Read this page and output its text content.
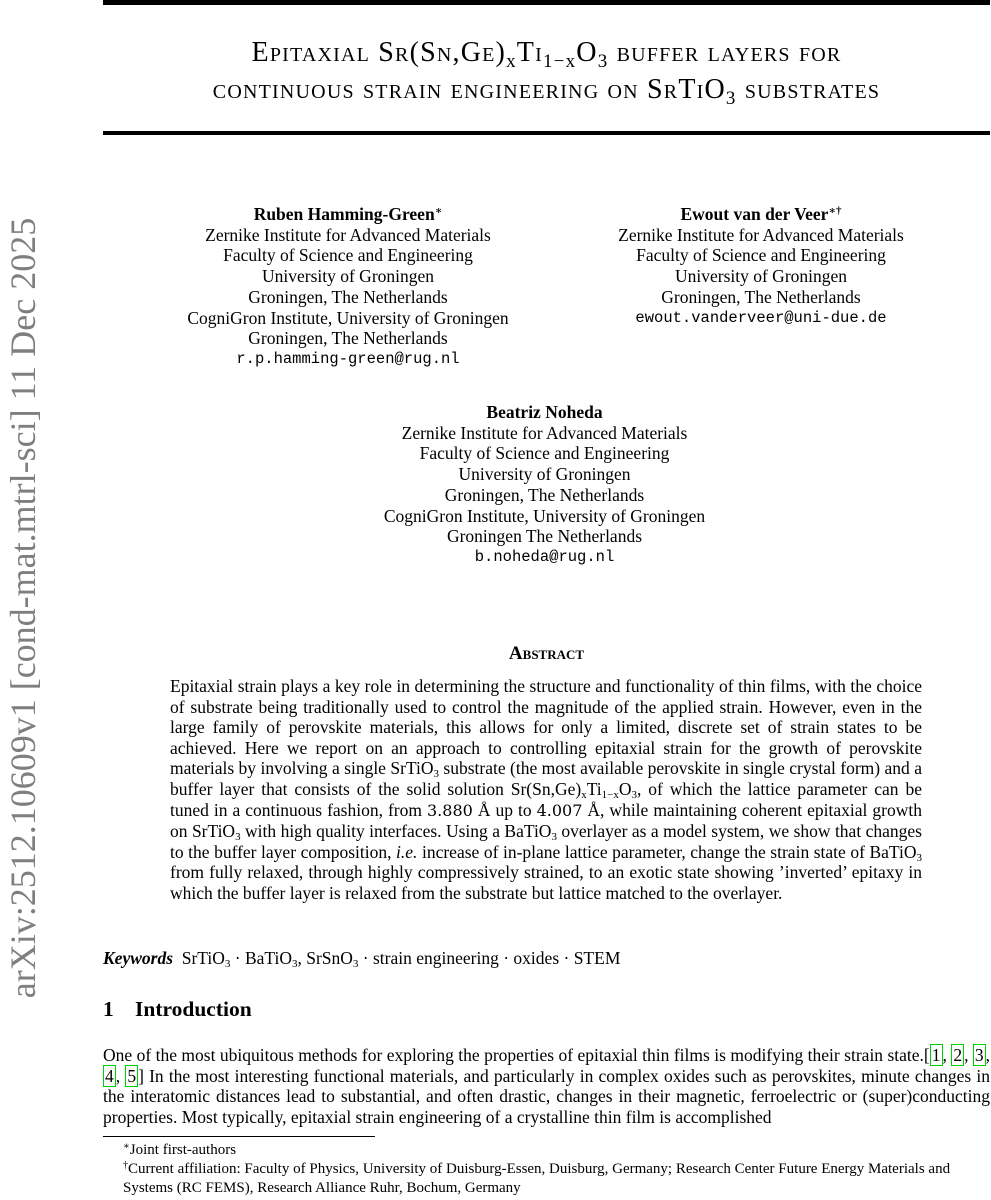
arXiv:2512.10609v1 [cond-mat.mtrl-sci] 11 Dec 2025
Epitaxial $Sr(Sn,Ge)_xTi_{1-x}O_3$ buffer layers for
continuous strain engineering on SrTiO$_3$ substrates
Ruben Hamming-Green∗
Zernike Institute for Advanced Materials
Faculty of Science and Engineering
University of Groningen
Groningen, The Netherlands
CogniGron Institute, University of Groningen
Groningen, The Netherlands
r.p.hamming-green@rug.nl
Ewout van der Veer∗†
Zernike Institute for Advanced Materials
Faculty of Science and Engineering
University of Groningen
Groningen, The Netherlands
ewout.vanderveer@uni-due.de
Beatriz Noheda
Zernike Institute for Advanced Materials
Faculty of Science and Engineering
University of Groningen
Groningen, The Netherlands
CogniGron Institute, University of Groningen
Groningen The Netherlands
b.noheda@rug.nl
Abstract
Epitaxial strain plays a key role in determining the structure and functionality of thin films, with the choice of substrate being traditionally used to control the magnitude of the applied strain. However, even in the large family of perovskite materials, this allows for only a limited, discrete set of strain states to be achieved. Here we report on an approach to controlling epitaxial strain for the growth of perovskite materials by involving a single SrTiO$_3$ substrate (the most available perovskite in single crystal form) and a buffer layer that consists of the solid solution $Sr(Sn,Ge)_xTi_{1-x}O_3$, of which the lattice parameter can be tuned in a continuous fashion, from 3.880 Å up to 4.007 Å, while maintaining coherent epitaxial growth on SrTiO$_3$ with high quality interfaces. Using a BaTiO$_3$ overlayer as a model system, we show that changes to the buffer layer composition, i.e. increase of in-plane lattice parameter, change the strain state of BaTiO$_3$ from fully relaxed, through highly compressively strained, to an exotic state showing ’inverted’ epitaxy in which the buffer layer is relaxed from the substrate but lattice matched to the overlayer.
Keywords SrTiO$_3$ · BaTiO$_3$, SrSnO$_3$ · strain engineering · oxides · STEM
1 Introduction
One of the most ubiquitous methods for exploring the properties of epitaxial thin films is modifying their strain state.[ 1 , 2 , 3 , 4 , 5 ] In the most interesting functional materials, and particularly in complex oxides such as perovskites, minute changes in the interatomic distances lead to substantial, and often drastic, changes in their magnetic, ferroelectric or (super)conducting properties. Most typically, epitaxial strain engineering of a crystalline thin film is accomplished
∗Joint first-authors
†Current affiliation: Faculty of Physics, University of Duisburg-Essen, Duisburg, Germany; Research Center Future Energy Materials and Systems (RC FEMS), Research Alliance Ruhr, Bochum, Germany
